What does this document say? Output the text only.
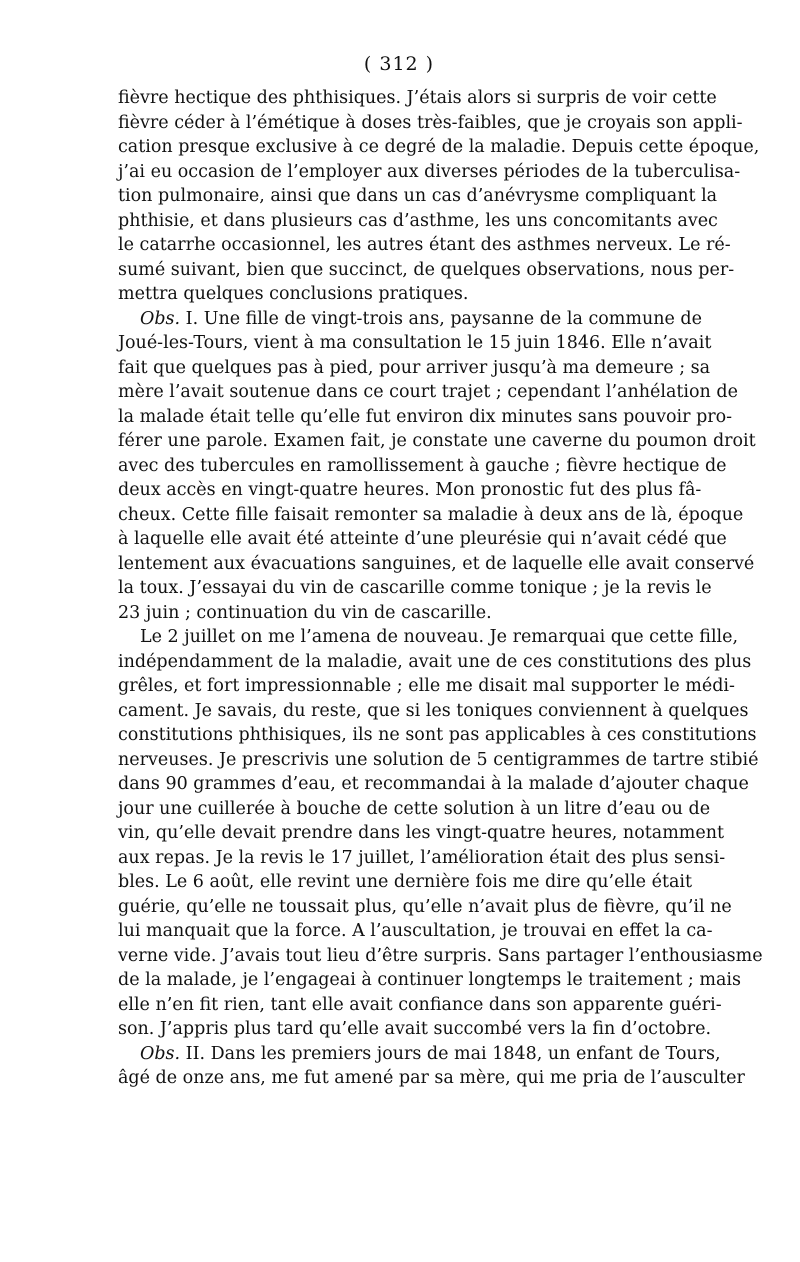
( 312 )
fièvre hectique des phthisiques. J’étais alors si surpris de voir cette
fièvre céder à l’émétique à doses très-faibles, que je croyais son appli-
cation presque exclusive à ce degré de la maladie. Depuis cette époque,
j’ai eu occasion de l’employer aux diverses périodes de la tuberculisa-
tion pulmonaire, ainsi que dans un cas d’anévrysme compliquant la
phthisie, et dans plusieurs cas d’asthme, les uns concomitants avec
le catarrhe occasionnel, les autres étant des asthmes nerveux. Le ré-
sumé suivant, bien que succinct, de quelques observations, nous per-
mettra quelques conclusions pratiques.
Obs. I. Une fille de vingt-trois ans, paysanne de la commune de
Joué-les-Tours, vient à ma consultation le 15 juin 1846. Elle n’avait
fait que quelques pas à pied, pour arriver jusqu’à ma demeure ; sa
mère l’avait soutenue dans ce court trajet ; cependant l’anhélation de
la malade était telle qu’elle fut environ dix minutes sans pouvoir pro-
férer une parole. Examen fait, je constate une caverne du poumon droit
avec des tubercules en ramollissement à gauche ; fièvre hectique de
deux accès en vingt-quatre heures. Mon pronostic fut des plus fâ-
cheux. Cette fille faisait remonter sa maladie à deux ans de là, époque
à laquelle elle avait été atteinte d’une pleurésie qui n’avait cédé que
lentement aux évacuations sanguines, et de laquelle elle avait conservé
la toux. J’essayai du vin de cascarille comme tonique ; je la revis le
23 juin ; continuation du vin de cascarille.
Le 2 juillet on me l’amena de nouveau. Je remarquai que cette fille,
indépendamment de la maladie, avait une de ces constitutions des plus
grêles, et fort impressionnable ; elle me disait mal supporter le médi-
cament. Je savais, du reste, que si les toniques conviennent à quelques
constitutions phthisiques, ils ne sont pas applicables à ces constitutions
nerveuses. Je prescrivis une solution de 5 centigrammes de tartre stibié
dans 90 grammes d’eau, et recommandai à la malade d’ajouter chaque
jour une cuillerée à bouche de cette solution à un litre d’eau ou de
vin, qu’elle devait prendre dans les vingt-quatre heures, notamment
aux repas. Je la revis le 17 juillet, l’amélioration était des plus sensi-
bles. Le 6 août, elle revint une dernière fois me dire qu’elle était
guérie, qu’elle ne toussait plus, qu’elle n’avait plus de fièvre, qu’il ne
lui manquait que la force. A l’auscultation, je trouvai en effet la ca-
verne vide. J’avais tout lieu d’être surpris. Sans partager l’enthousiasme
de la malade, je l’engageai à continuer longtemps le traitement ; mais
elle n’en fit rien, tant elle avait confiance dans son apparente guéri-
son. J’appris plus tard qu’elle avait succombé vers la fin d’octobre.
Obs. II. Dans les premiers jours de mai 1848, un enfant de Tours,
âgé de onze ans, me fut amené par sa mère, qui me pria de l’ausculter
